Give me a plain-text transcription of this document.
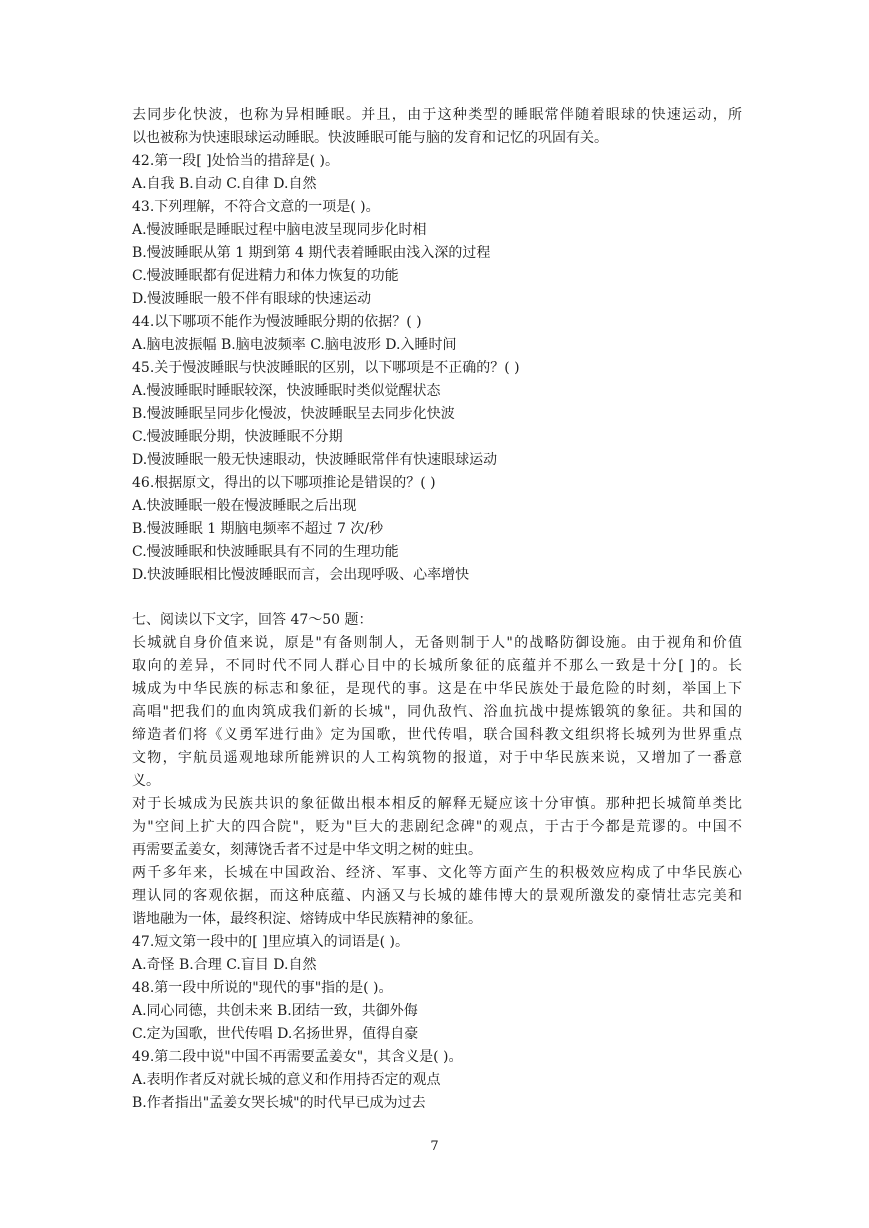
去同步化快波，也称为异相睡眠。并且，由于这种类型的睡眠常伴随着眼球的快速运动，所
以也被称为快速眼球运动睡眠。快波睡眠可能与脑的发育和记忆的巩固有关。
42.第一段[ ]处恰当的措辞是( )。
A.自我 B.自动 C.自律 D.自然
43.下列理解，不符合文意的一项是( )。
A.慢波睡眠是睡眠过程中脑电波呈现同步化时相
B.慢波睡眠从第 1 期到第 4 期代表着睡眠由浅入深的过程
C.慢波睡眠都有促进精力和体力恢复的功能
D.慢波睡眠一般不伴有眼球的快速运动
44.以下哪项不能作为慢波睡眠分期的依据？( )
A.脑电波振幅 B.脑电波频率 C.脑电波形 D.入睡时间
45.关于慢波睡眠与快波睡眠的区别，以下哪项是不正确的？( )
A.慢波睡眠时睡眠较深，快波睡眠时类似觉醒状态
B.慢波睡眠呈同步化慢波，快波睡眠呈去同步化快波
C.慢波睡眠分期，快波睡眠不分期
D.慢波睡眠一般无快速眼动，快波睡眠常伴有快速眼球运动
46.根据原文，得出的以下哪项推论是错误的？( )
A.快波睡眠一般在慢波睡眠之后出现
B.慢波睡眠 1 期脑电频率不超过 7 次/秒
C.慢波睡眠和快波睡眠具有不同的生理功能
D.快波睡眠相比慢波睡眠而言，会出现呼吸、心率增快
七、阅读以下文字，回答 47～50 题：
长城就自身价值来说，原是"有备则制人，无备则制于人"的战略防御设施。由于视角和价值
取向的差异，不同时代不同人群心目中的长城所象征的底蕴并不那么一致是十分[ ]的。长
城成为中华民族的标志和象征，是现代的事。这是在中华民族处于最危险的时刻，举国上下
高唱"把我们的血肉筑成我们新的长城"，同仇敌忾、浴血抗战中提炼锻筑的象征。共和国的
缔造者们将《义勇军进行曲》定为国歌，世代传唱，联合国科教文组织将长城列为世界重点
文物，宇航员遥观地球所能辨识的人工构筑物的报道，对于中华民族来说，又增加了一番意
义。
对于长城成为民族共识的象征做出根本相反的解释无疑应该十分审慎。那种把长城简单类比
为"空间上扩大的四合院"，贬为"巨大的悲剧纪念碑"的观点，于古于今都是荒谬的。中国不
再需要孟姜女，刻薄饶舌者不过是中华文明之树的蛀虫。
两千多年来，长城在中国政治、经济、军事、文化等方面产生的积极效应构成了中华民族心
理认同的客观依据，而这种底蕴、内涵又与长城的雄伟博大的景观所激发的豪情壮志完美和
谐地融为一体，最终积淀、熔铸成中华民族精神的象征。
47.短文第一段中的[ ]里应填入的词语是( )。
A.奇怪 B.合理 C.盲目 D.自然
48.第一段中所说的"现代的事"指的是( )。
A.同心同德，共创未来 B.团结一致，共御外侮
C.定为国歌，世代传唱 D.名扬世界，值得自豪
49.第二段中说"中国不再需要孟姜女"，其含义是( )。
A.表明作者反对就长城的意义和作用持否定的观点
B.作者指出"孟姜女哭长城"的时代早已成为过去
7
